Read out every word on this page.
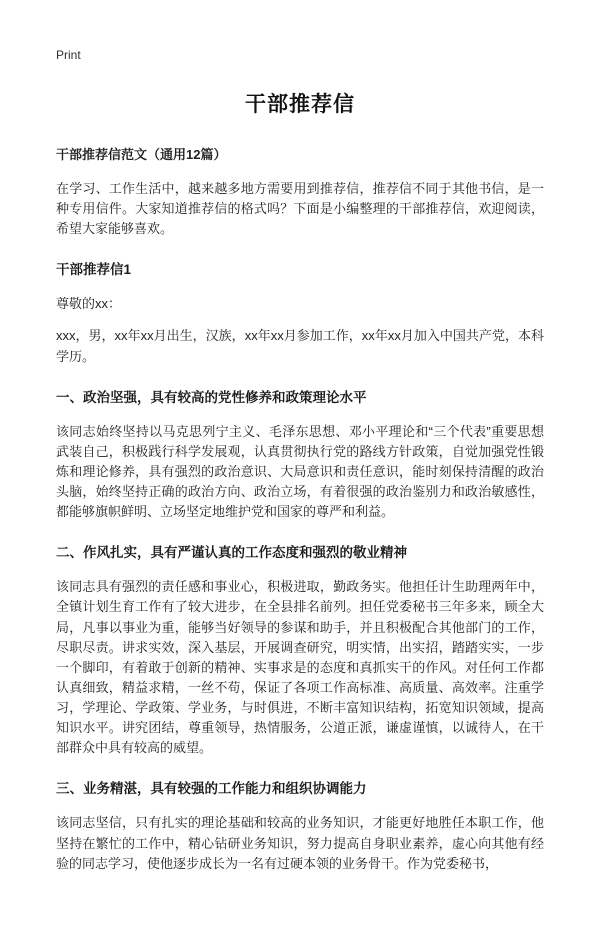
Print
干部推荐信
干部推荐信范文（通用12篇）

在学习、工作生活中，越来越多地方需要用到推荐信，推荐信不同于其他书信，是一种专用信件。大家知道推荐信的格式吗？下面是小编整理的干部推荐信，欢迎阅读，希望大家能够喜欢。

干部推荐信1

尊敬的xx：

xxx，男，xx年xx月出生，汉族，xx年xx月参加工作，xx年xx月加入中国共产党，本科学历。

一、政治坚强，具有较高的党性修养和政策理论水平

该同志始终坚持以马克思列宁主义、毛泽东思想、邓小平理论和“三个代表”重要思想武装自己，积极践行科学发展观，认真贯彻执行党的路线方针政策，自觉加强党性锻炼和理论修养，具有强烈的政治意识、大局意识和责任意识，能时刻保持清醒的政治头脑，始终坚持正确的政治方向、政治立场，有着很强的政治鉴别力和政治敏感性，都能够旗帜鲜明、立场坚定地维护党和国家的尊严和利益。

二、作风扎实，具有严谨认真的工作态度和强烈的敬业精神

该同志具有强烈的责任感和事业心，积极进取，勤政务实。他担任计生助理两年中，全镇计划生育工作有了较大进步，在全县排名前列。担任党委秘书三年多来，顾全大局，凡事以事业为重，能够当好领导的参谋和助手，并且积极配合其他部门的工作，尽职尽责。讲求实效，深入基层，开展调查研究，明实情，出实招，踏踏实实，一步一个脚印，有着敢于创新的精神、实事求是的态度和真抓实干的作风。对任何工作都认真细致，精益求精，一丝不苟，保证了各项工作高标准、高质量、高效率。注重学习，学理论、学政策、学业务，与时俱进，不断丰富知识结构，拓宽知识领域，提高知识水平。讲究团结，尊重领导，热情服务，公道正派，谦虚谨慎，以诚待人，在干部群众中具有较高的威望。

三、业务精湛，具有较强的工作能力和组织协调能力

该同志坚信，只有扎实的理论基础和较高的业务知识，才能更好地胜任本职工作，他坚持在繁忙的工作中，精心钻研业务知识，努力提高自身职业素养，虚心向其他有经验的同志学习，使他逐步成长为一名有过硬本领的业务骨干。作为党委秘书，
